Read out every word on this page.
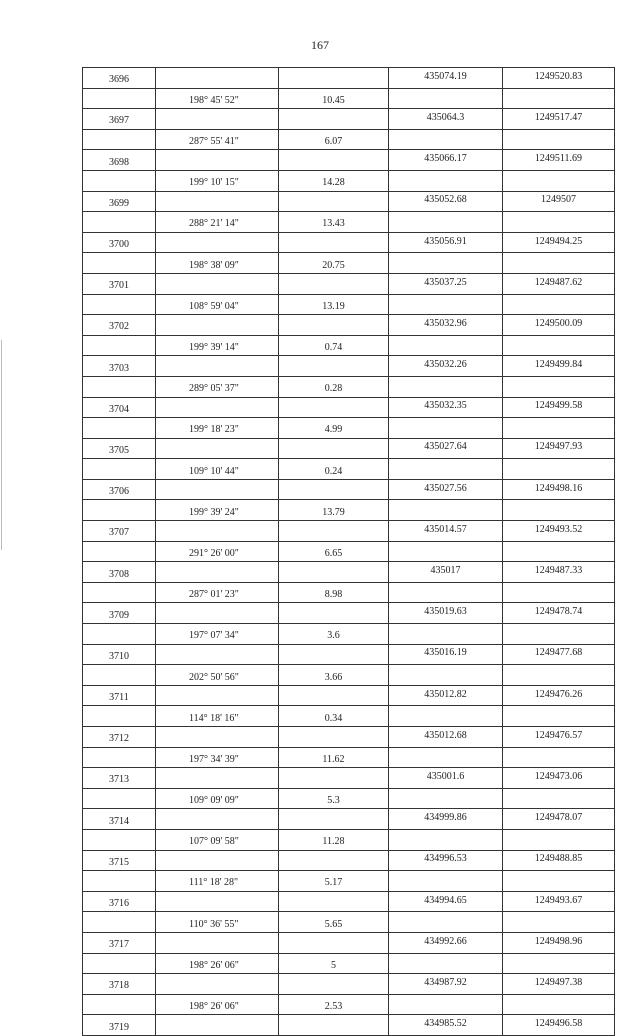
167
3696			435074.19	1249520.83
	198° 45' 52"	10.45		
3697			435064.3	1249517.47
	287° 55' 41"	6.07		
3698			435066.17	1249511.69
	199° 10' 15"	14.28		
3699			435052.68	1249507
	288° 21' 14"	13.43		
3700			435056.91	1249494.25
	198° 38' 09"	20.75		
3701			435037.25	1249487.62
	108° 59' 04"	13.19		
3702			435032.96	1249500.09
	199° 39' 14"	0.74		
3703			435032.26	1249499.84
	289° 05' 37"	0.28		
3704			435032.35	1249499.58
	199° 18' 23"	4.99		
3705			435027.64	1249497.93
	109° 10' 44"	0.24		
3706			435027.56	1249498.16
	199° 39' 24"	13.79		
3707			435014.57	1249493.52
	291° 26' 00"	6.65		
3708			435017	1249487.33
	287° 01' 23"	8.98		
3709			435019.63	1249478.74
	197° 07' 34"	3.6		
3710			435016.19	1249477.68
	202° 50' 56"	3.66		
3711			435012.82	1249476.26
	114° 18' 16"	0.34		
3712			435012.68	1249476.57
	197° 34' 39"	11.62		
3713			435001.6	1249473.06
	109° 09' 09"	5.3		
3714			434999.86	1249478.07
	107° 09' 58"	11.28		
3715			434996.53	1249488.85
	111° 18' 28"	5.17		
3716			434994.65	1249493.67
	110° 36' 55"	5.65		
3717			434992.66	1249498.96
	198° 26' 06"	5		
3718			434987.92	1249497.38
	198° 26' 06"	2.53		
3719			434985.52	1249496.58
